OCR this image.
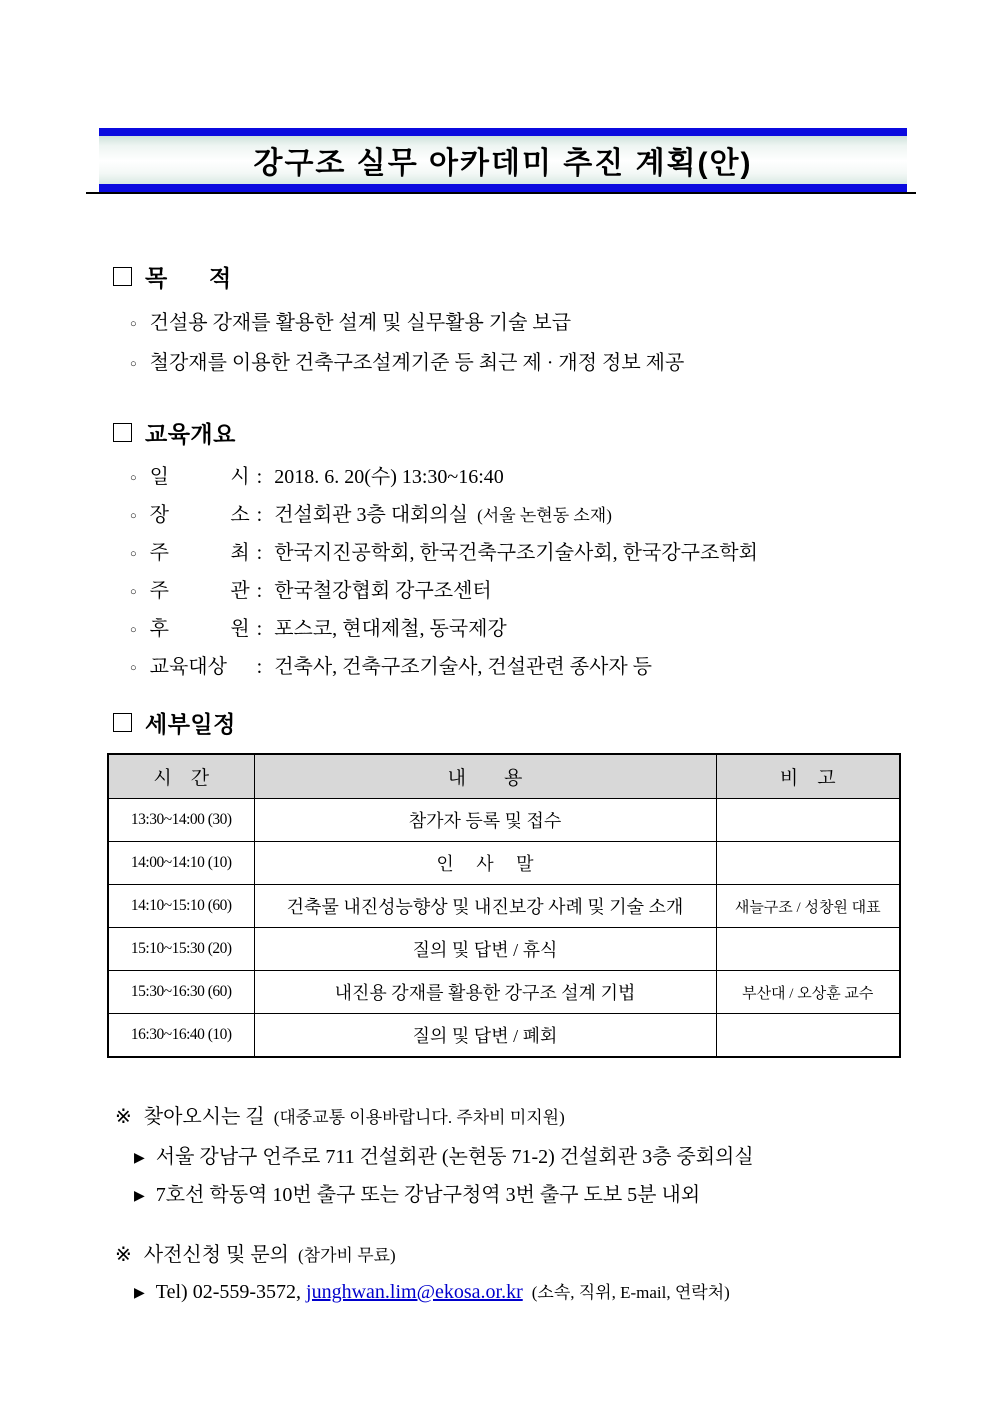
강구조 실무 아카데미 추진 계획(안)
목      적
○ 건설용 강재를 활용한 설계 및 실무활용 기술 보급
○ 철강재를 이용한 건축구조설계기준 등 최근 제 · 개정 정보 제공
교육개요
○ 일 시 : 2018. 6. 20(수) 13:30~16:40
○ 장 소 : 건설회관 3층 대회의실 (서울 논현동 소재)
○ 주 최 : 한국지진공학회, 한국건축구조기술사회, 한국강구조학회
○ 주 관 : 한국철강협회 강구조센터
○ 후 원 : 포스코, 현대제철, 동국제강
○ 교육대상	: 건축사, 건축구조기술사, 건설관련 종사자 등
세부일정
시    간	내        용	비    고
13:30~14:00 (30)	참가자 등록 및 접수	
14:00~14:10 (10)	인     사     말	
14:10~15:10 (60)	건축물 내진성능향상 및 내진보강 사례 및 기술 소개	새늘구조 / 성창원 대표
15:10~15:30 (20)	질의 및 답변 / 휴식	
15:30~16:30 (60)	내진용 강재를 활용한 강구조 설계 기법	부산대 / 오상훈 교수
16:30~16:40 (10)	질의 및 답변 / 폐회	
※ 찾아오시는 길 (대중교통 이용바랍니다. 주차비 미지원)
▶ 서울 강남구 언주로 711 건설회관 (논현동 71-2) 건설회관 3층 중회의실
▶ 7호선 학동역 10번 출구 또는 강남구청역 3번 출구 도보 5분 내외
※ 사전신청 및 문의 (참가비 무료)
▶ Tel) 02-559-3572,
junghwan.lim@ekosa.or.kr (소속, 직위, E-mail, 연락처)
